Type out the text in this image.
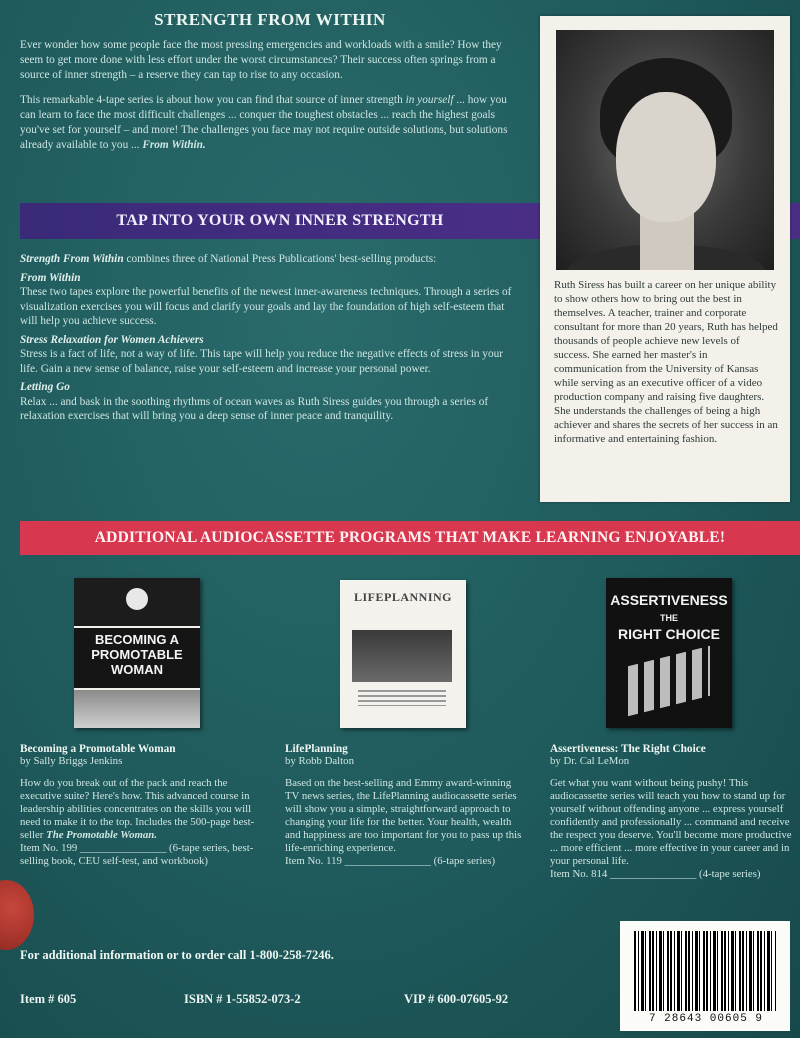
STRENGTH FROM WITHIN

Ever wonder how some people face the most pressing emergencies and workloads with a smile? How they seem to get more done with less effort under the worst circumstances? Their success often springs from a source of inner strength – a reserve they can tap to rise to any occasion.

This remarkable 4-tape series is about how you can find that source of inner strength in yourself ... how you can learn to face the most difficult challenges ... conquer the toughest obstacles ... reach the highest goals you've set for yourself – and more! The challenges you face may not require outside solutions, but solutions already available to you ... From Within.

TAP INTO YOUR OWN INNER STRENGTH

Strength From Within combines three of National Press Publications' best-selling products:

From Within

These two tapes explore the powerful benefits of the newest inner-awareness techniques. Through a series of visualization exercises you will focus and clarify your goals and lay the foundation of high self-esteem that will help you achieve success.

Stress Relaxation for Women Achievers

Stress is a fact of life, not a way of life. This tape will help you reduce the negative effects of stress in your life. Gain a new sense of balance, raise your self-esteem and increase your personal power.

Letting Go

Relax ... and bask in the soothing rhythms of ocean waves as Ruth Siress guides you through a series of relaxation exercises that will bring you a deep sense of inner peace and tranquility.

Ruth Siress has built a career on her unique ability to show others how to bring out the best in themselves. A teacher, trainer and corporate consultant for more than 20 years, Ruth has helped thousands of people achieve new levels of success. She earned her master's in communication from the University of Kansas while serving as an executive officer of a video production company and raising five daughters. She understands the challenges of being a high achiever and shares the secrets of her success in an informative and entertaining fashion.
ADDITIONAL AUDIOCASSETTE PROGRAMS THAT MAKE LEARNING ENJOYABLE!
BECOMING A PROMOTABLE WOMAN
LIFEPLANNING	ASSERTIVENESS
THE
RIGHT CHOICE
Becoming a Promotable Woman
by Sally Briggs Jenkins
How do you break out of the pack and reach the executive suite? Here's how. This advanced course in leadership abilities concentrates on the skills you will need to make it to the top. Includes the 500-page best-seller The Promotable Woman.
Item No. 199 ________________ (6-tape series, best-selling book, CEU self-test, and workbook)
LifePlanning
by Robb Dalton
Based on the best-selling and Emmy award-winning TV news series, the LifePlanning audiocassette series will show you a simple, straightforward approach to changing your life for the better. Your health, wealth and happiness are too important for you to pass up this life-enriching experience.
Item No. 119 ________________ (6-tape series)
Assertiveness: The Right Choice
by Dr. Cal LeMon
Get what you want without being pushy! This audiocassette series will teach you how to stand up for yourself without offending anyone ... express yourself confidently and professionally ... command and receive the respect you deserve. You'll become more productive ... more efficient ... more effective in your career and in your personal life.
Item No. 814 ________________ (4-tape series)
For additional information or to order call 1-800-258-7246.
Item # 605	ISBN # 1-55852-073-2	VIP # 600-07605-92
7 28643 00605 9
